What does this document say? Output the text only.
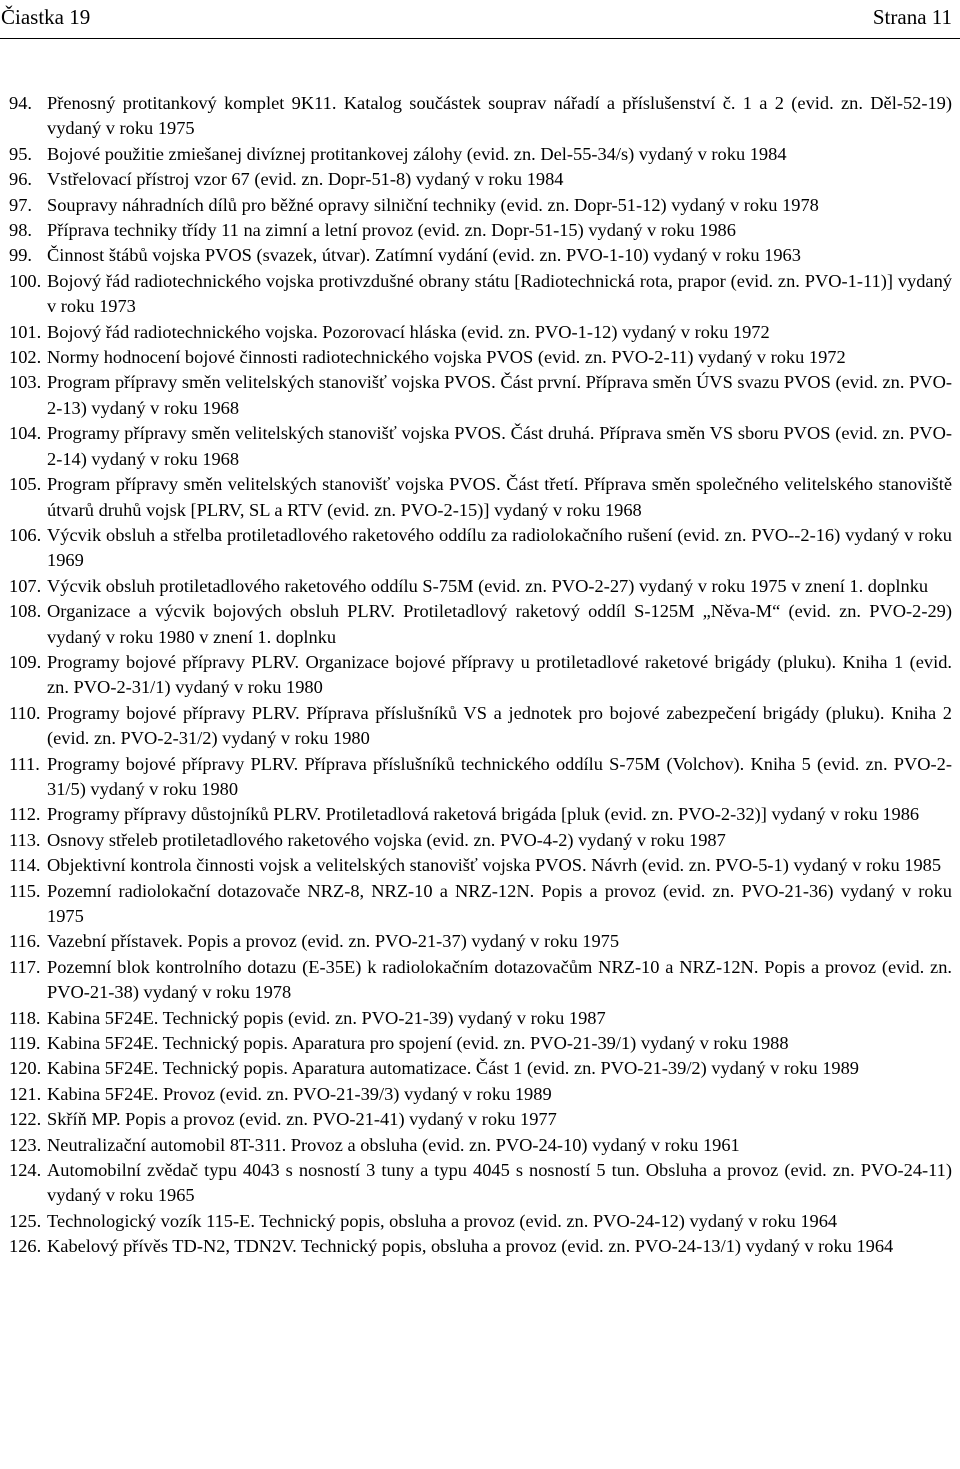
Čiastka 19	Strana 11
94. Přenosný protitankový komplet 9K11. Katalog součástek souprav nářadí a příslušenství č. 1 a 2 (evid. zn. Děl-52-19) vydaný v roku 1975
95. Bojové použitie zmiešanej divíznej protitankovej zálohy (evid. zn. Del-55-34/s) vydaný v roku 1984
96. Vstřelovací přístroj vzor 67 (evid. zn. Dopr-51-8) vydaný v roku 1984
97. Soupravy náhradních dílů pro běžné opravy silniční techniky (evid. zn. Dopr-51-12) vydaný v roku 1978
98. Příprava techniky třídy 11 na zimní a letní provoz (evid. zn. Dopr-51-15) vydaný v roku 1986
99. Činnost štábů vojska PVOS (svazek, útvar). Zatímní vydání (evid. zn. PVO-1-10) vydaný v roku 1963
100. Bojový řád radiotechnického vojska protivzdušné obrany státu [Radiotechnická rota, prapor (evid. zn. PVO-1-11)] vydaný v roku 1973
101. Bojový řád radiotechnického vojska. Pozorovací hláska (evid. zn. PVO-1-12) vydaný v roku 1972
102. Normy hodnocení bojové činnosti radiotechnického vojska PVOS (evid. zn. PVO-2-11) vydaný v roku 1972
103. Program přípravy směn velitelských stanovišť vojska PVOS. Část první. Příprava směn ÚVS svazu PVOS (evid. zn. PVO-2-13) vydaný v roku 1968
104. Programy přípravy směn velitelských stanovišť vojska PVOS. Část druhá. Příprava směn VS sboru PVOS (evid. zn. PVO-2-14) vydaný v roku 1968
105. Program přípravy směn velitelských stanovišť vojska PVOS. Část třetí. Příprava směn společného velitelského stanoviště útvarů druhů vojsk [PLRV, SL a RTV (evid. zn. PVO-2-15)] vydaný v roku 1968
106. Výcvik obsluh a střelba protiletadlového raketového oddílu za radiolokačního rušení (evid. zn. PVO--2-16) vydaný v roku 1969
107. Výcvik obsluh protiletadlového raketového oddílu S-75M (evid. zn. PVO-2-27) vydaný v roku 1975 v znení 1. doplnku
108. Organizace a výcvik bojových obsluh PLRV. Protiletadlový raketový oddíl S-125M „Něva-M“ (evid. zn. PVO-2-29) vydaný v roku 1980 v znení 1. doplnku
109. Programy bojové přípravy PLRV. Organizace bojové přípravy u protiletadlové raketové brigády (pluku). Kniha 1 (evid. zn. PVO-2-31/1) vydaný v roku 1980
110. Programy bojové přípravy PLRV. Příprava příslušníků VS a jednotek pro bojové zabezpečení brigády (pluku). Kniha 2 (evid. zn. PVO-2-31/2) vydaný v roku 1980
111. Programy bojové přípravy PLRV. Příprava příslušníků technického oddílu S-75M (Volchov). Kniha 5 (evid. zn. PVO-2-31/5) vydaný v roku 1980
112. Programy přípravy důstojníků PLRV. Protiletadlová raketová brigáda [pluk (evid. zn. PVO-2-32)] vydaný v roku 1986
113. Osnovy střeleb protiletadlového raketového vojska (evid. zn. PVO-4-2) vydaný v roku 1987
114. Objektivní kontrola činnosti vojsk a velitelských stanovišť vojska PVOS. Návrh (evid. zn. PVO-5-1) vydaný v roku 1985
115. Pozemní radiolokační dotazovače NRZ-8, NRZ-10 a NRZ-12N. Popis a provoz (evid. zn. PVO-21-36) vydaný v roku 1975
116. Vazební přístavek. Popis a provoz (evid. zn. PVO-21-37) vydaný v roku 1975
117. Pozemní blok kontrolního dotazu (E-35E) k radiolokačním dotazovačům NRZ-10 a NRZ-12N. Popis a provoz (evid. zn. PVO-21-38) vydaný v roku 1978
118. Kabina 5F24E. Technický popis (evid. zn. PVO-21-39) vydaný v roku 1987
119. Kabina 5F24E. Technický popis. Aparatura pro spojení (evid. zn. PVO-21-39/1) vydaný v roku 1988
120. Kabina 5F24E. Technický popis. Aparatura automatizace. Část 1 (evid. zn. PVO-21-39/2) vydaný v roku 1989
121. Kabina 5F24E. Provoz (evid. zn. PVO-21-39/3) vydaný v roku 1989
122. Skříň MP. Popis a provoz (evid. zn. PVO-21-41) vydaný v roku 1977
123. Neutralizační automobil 8T-311. Provoz a obsluha (evid. zn. PVO-24-10) vydaný v roku 1961
124. Automobilní zvědač typu 4043 s nosností 3 tuny a typu 4045 s nosností 5 tun. Obsluha a provoz (evid. zn. PVO-24-11) vydaný v roku 1965
125. Technologický vozík 115-E. Technický popis, obsluha a provoz (evid. zn. PVO-24-12) vydaný v roku 1964
126. Kabelový přívěs TD-N2, TDN2V. Technický popis, obsluha a provoz (evid. zn. PVO-24-13/1) vydaný v roku 1964
